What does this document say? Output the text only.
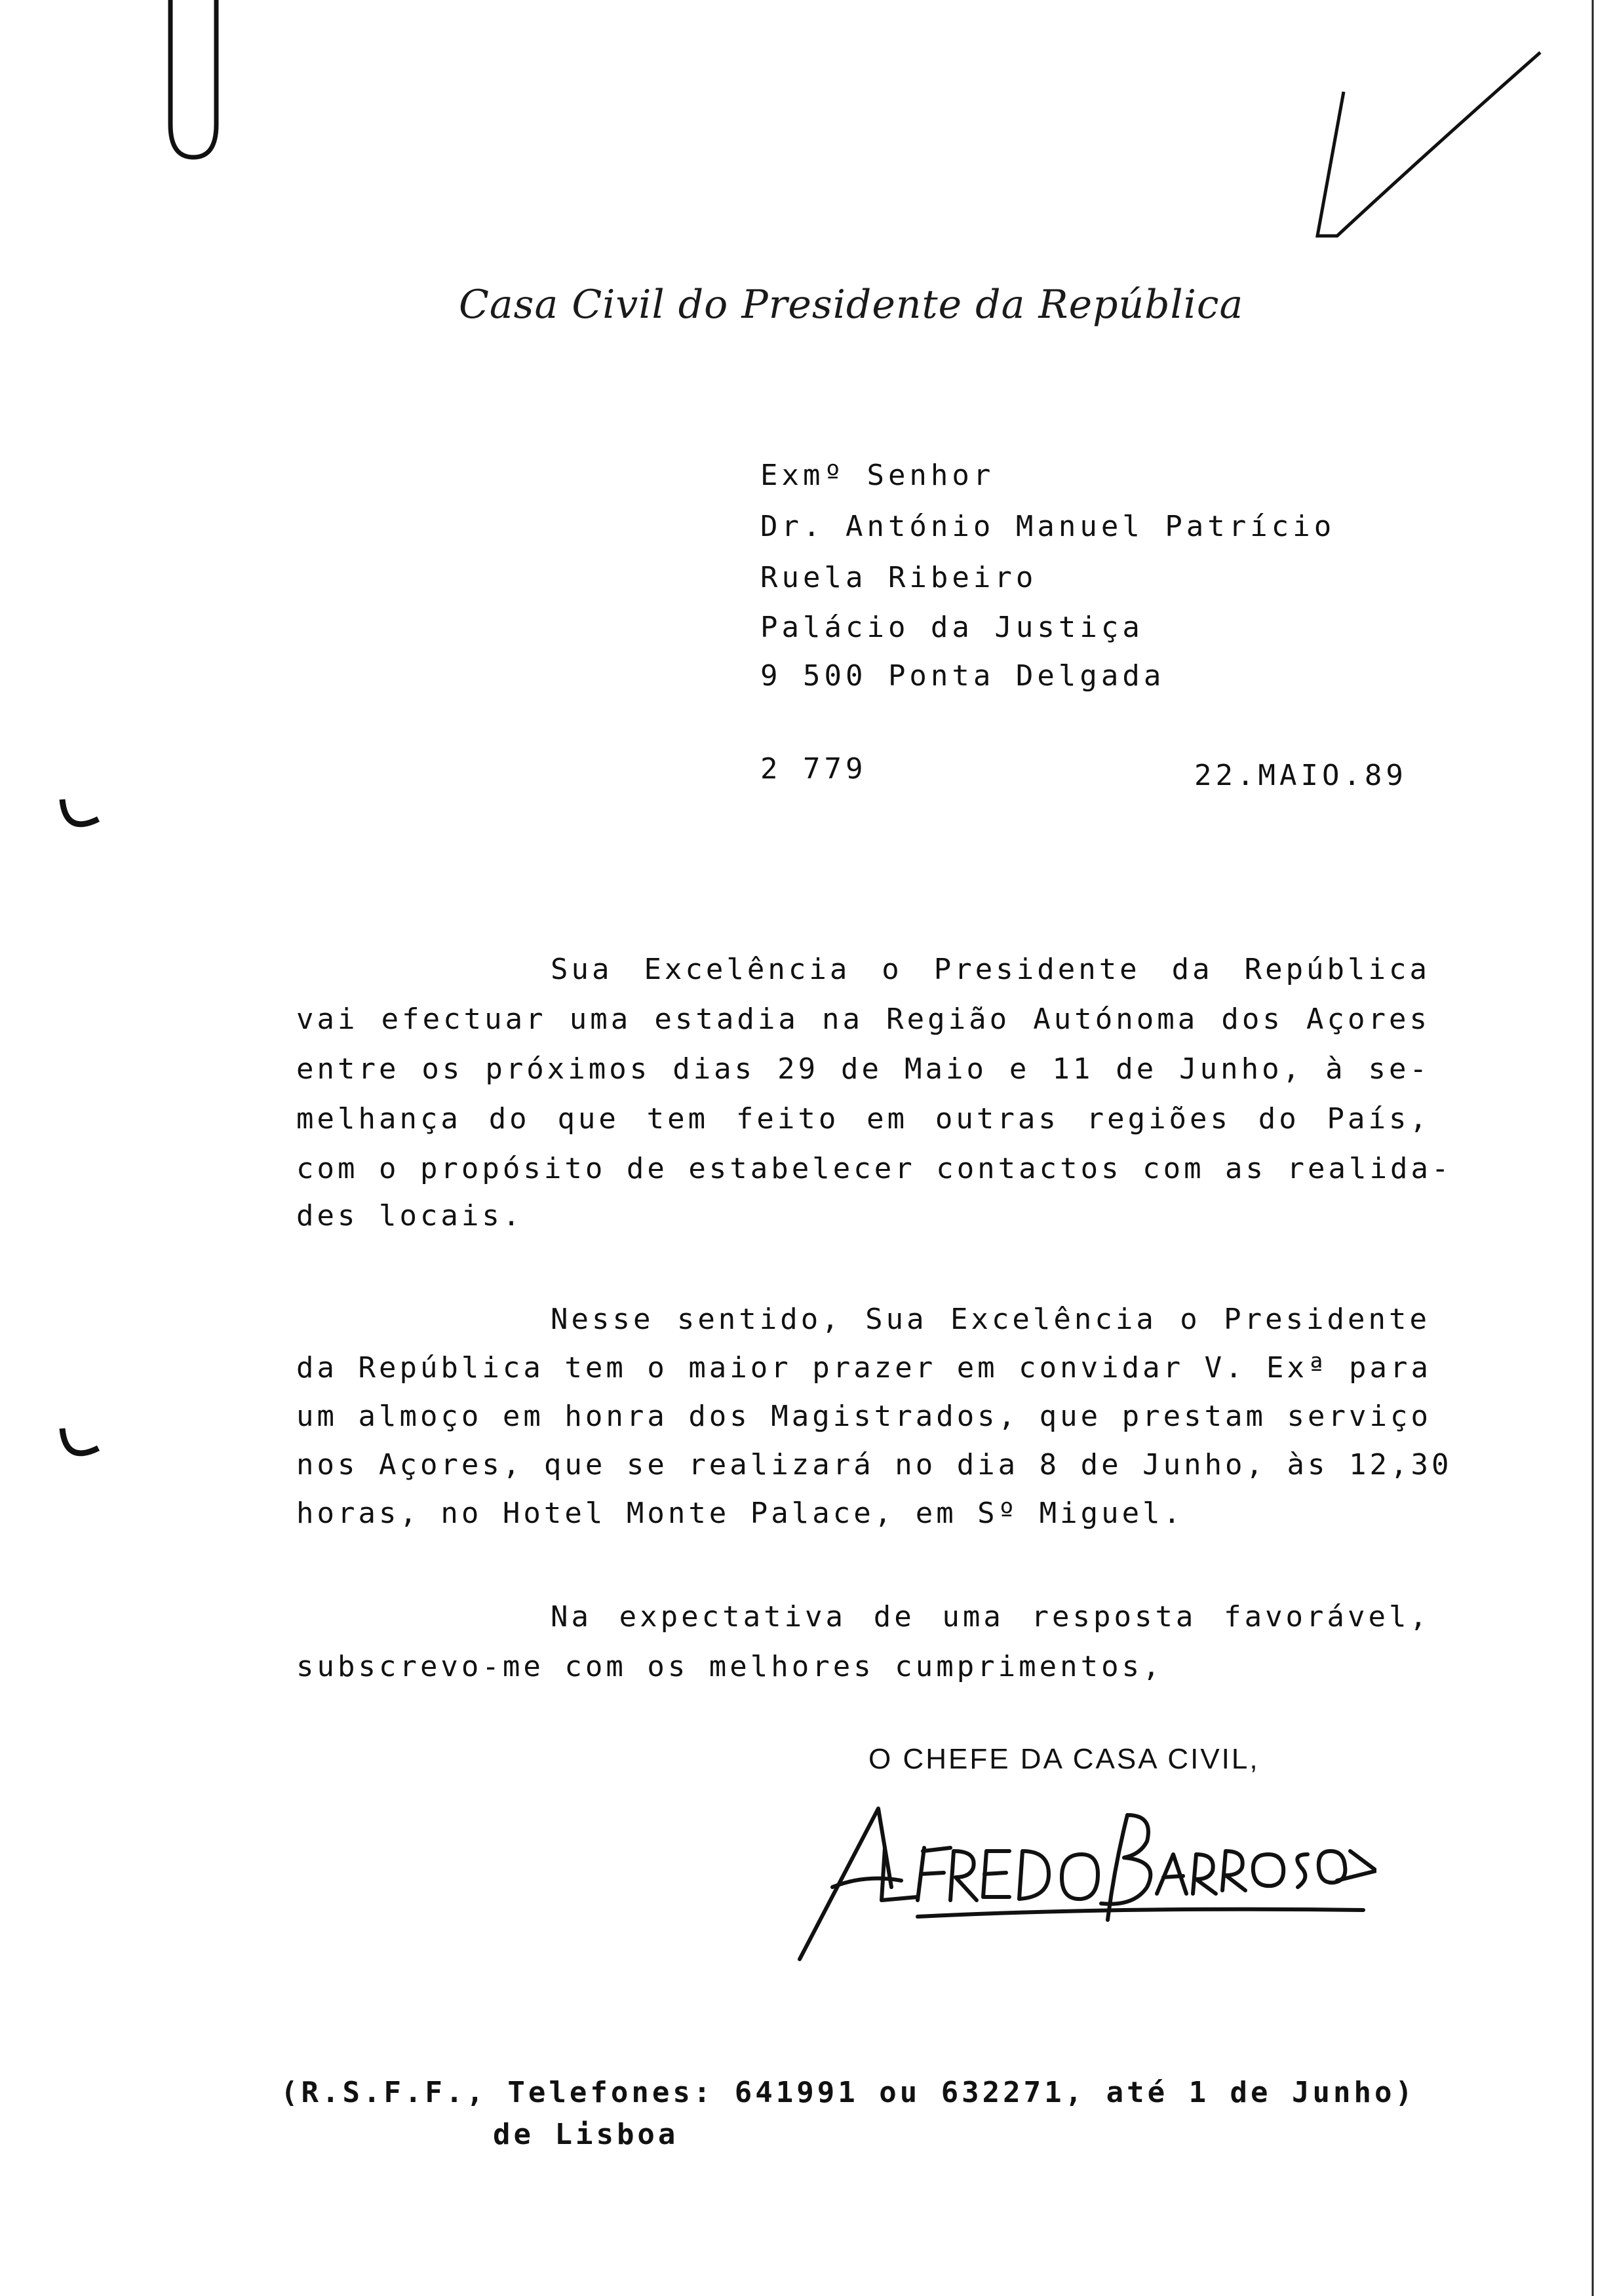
Casa Civil do Presidente da República
Exmº Senhor
Dr. António Manuel Patrício
Ruela Ribeiro
Palácio da Justiça
9 500 Ponta Delgada
2 779	22.MAIO.89
Sua Excelência o Presidente da República
vai efectuar uma estadia na Região Autónoma dos Açores
entre os próximos dias 29 de Maio e 11 de Junho, à se-
melhança do que tem feito em outras regiões do País,
com o propósito de estabelecer contactos com as realida-
des locais.
Nesse sentido, Sua Excelência o Presidente
da República tem o maior prazer em convidar V. Exª para
um almoço em honra dos Magistrados, que prestam serviço
nos Açores, que se realizará no dia 8 de Junho, às 12,30
horas, no Hotel Monte Palace, em Sº Miguel.
Na expectativa de uma resposta favorável,
subscrevo-me com os melhores cumprimentos,
O CHEFE DA CASA CIVIL,
(R.S.F.F., Telefones: 641991 ou 632271, até 1 de Junho)
de Lisboa
